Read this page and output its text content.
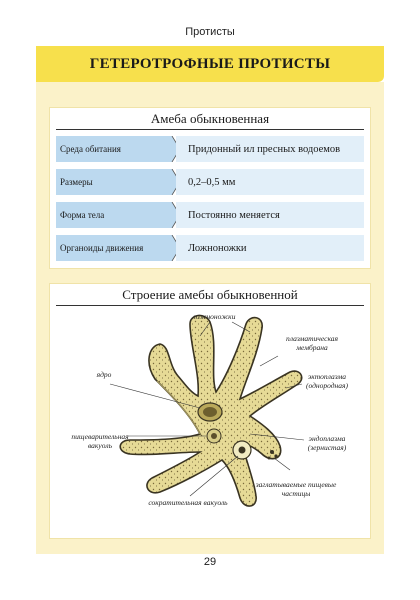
Протисты
ГЕТЕРОТРОФНЫЕ ПРОТИСТЫ
Амеба обыкновенная
Среда обитания	Придонный ил пресных водоемов
Размеры	0,2–0,5 мм
Форма тела	Постоянно меняется
Органоиды движения	Ложноножки
Строение амебы обыкновенной
ложноножки
плазматическая мембрана
ядро	эктоплазма (однородная)
пищеварительная вакуоль
эндоплазма (зернистая)
заглатываемые пищевые частицы
сократительная вакуоль
29
